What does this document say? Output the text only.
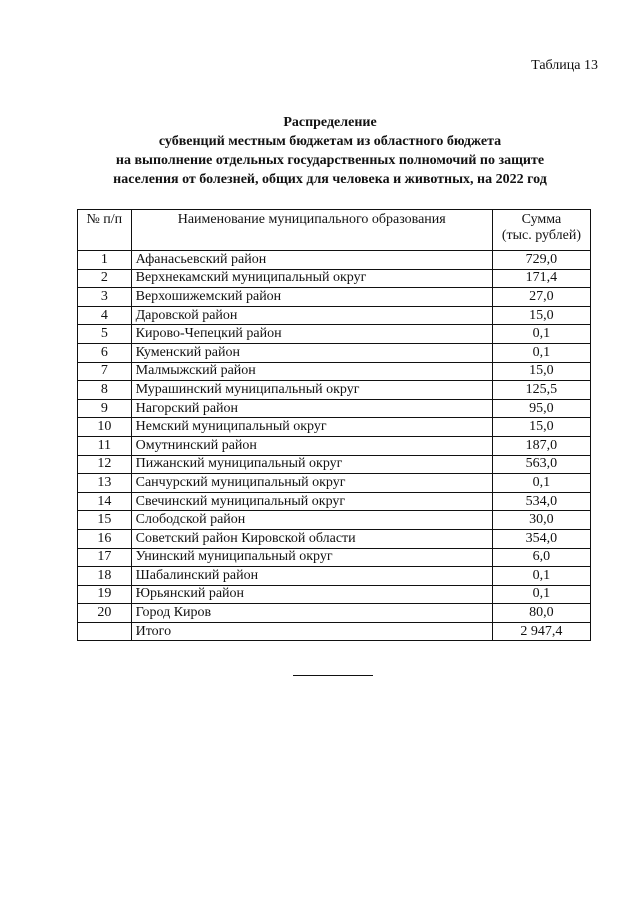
Таблица 13
Распределение
субвенций местным бюджетам из областного бюджета
на выполнение отдельных государственных полномочий по защите
населения от болезней, общих для человека и животных, на 2022 год
№ п/п	Наименование муниципального образования	Сумма
(тыс. рублей)
1	Афанасьевский район	729,0
2	Верхнекамский муниципальный округ	171,4
3	Верхошижемский район	27,0
4	Даровской район	15,0
5	Кирово-Чепецкий район	0,1
6	Куменский район	0,1
7	Малмыжский район	15,0
8	Мурашинский муниципальный округ	125,5
9	Нагорский район	95,0
10	Немский муниципальный округ	15,0
11	Омутнинский район	187,0
12	Пижанский муниципальный округ	563,0
13	Санчурский муниципальный округ	0,1
14	Свечинский муниципальный округ	534,0
15	Слободской район	30,0
16	Советский район Кировской области	354,0
17	Унинский муниципальный округ	6,0
18	Шабалинский район	0,1
19	Юрьянский район	0,1
20	Город Киров	80,0
	Итого	2 947,4
